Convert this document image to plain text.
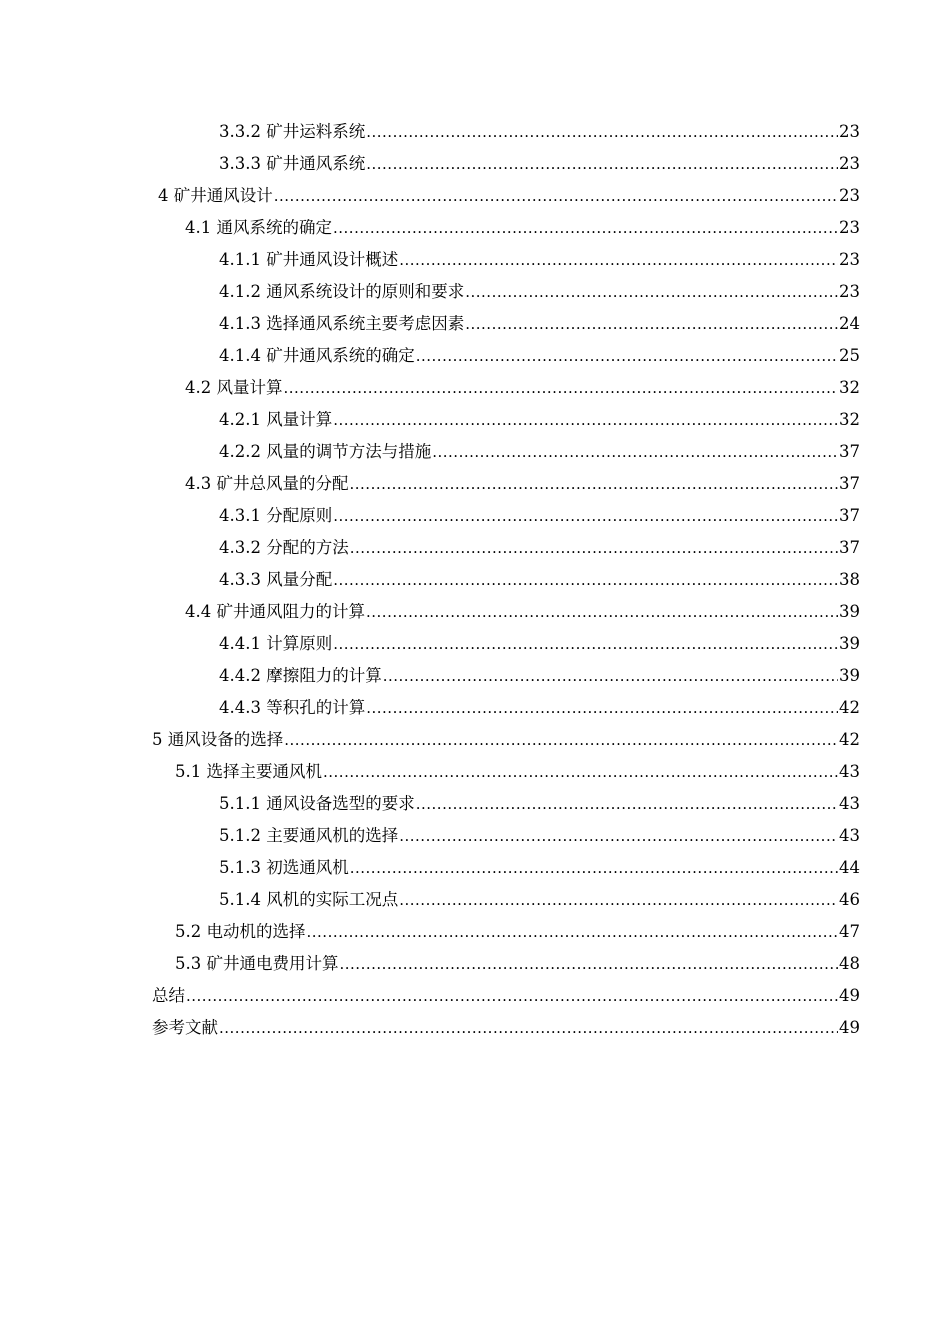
3.3.2 矿井运料系统 .....	23
3.3.3 矿井通风系统 .....	23
4 矿井通风设计 .....	23
4.1 通风系统的确定 .....	23
4.1.1 矿井通风设计概述 .....	23
4.1.2 通风系统设计的原则和要求 .....	23
4.1.3 选择通风系统主要考虑因素 .....	24
4.1.4 矿井通风系统的确定 .....	25
4.2 风量计算 .....	32
4.2.1 风量计算 .....	32
4.2.2 风量的调节方法与措施 .....	37
4.3 矿井总风量的分配 .....	37
4.3.1 分配原则 .....	37
4.3.2 分配的方法 .....	37
4.3.3 风量分配 .....	38
4.4 矿井通风阻力的计算 .....	39
4.4.1 计算原则 .....	39
4.4.2 摩擦阻力的计算 .....	39
4.4.3 等积孔的计算 .....	42
5 通风设备的选择 .....	42
5.1 选择主要通风机 .....	43
5.1.1 通风设备选型的要求 .....	43
5.1.2 主要通风机的选择 .....	43
5.1.3 初选通风机 .....	44
5.1.4 风机的实际工况点 .....	46
5.2 电动机的选择 .....	47
5.3 矿井通电费用计算 .....	48
总结 .....	49
参考文献 .....	49
